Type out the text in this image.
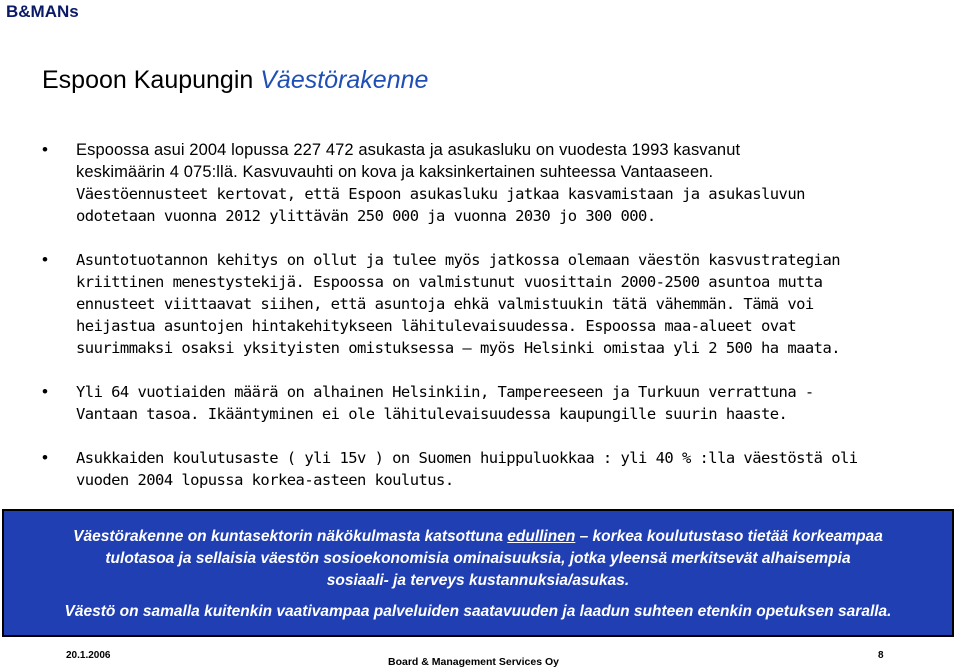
B&MANs
Espoon Kaupungin Väestörakenne
• Espoossa asui 2004 lopussa 227 472 asukasta ja asukasluku on vuodesta 1993 kasvanut

keskimäärin 4 075:llä. Kasvuvauhti on kova ja kaksinkertainen suhteessa Vantaaseen.

Väestöennusteet kertovat, että Espoon asukasluku jatkaa kasvamistaan ja asukasluvun

odotetaan vuonna 2012 ylittävän 250 000 ja vuonna 2030 jo 300 000.

• Asuntotuotannon kehitys on ollut ja tulee myös jatkossa olemaan väestön kasvustrategian

kriittinen menestystekijä. Espoossa on valmistunut vuosittain 2000-2500 asuntoa mutta

ennusteet viittaavat siihen, että asuntoja ehkä valmistuukin tätä vähemmän. Tämä voi

heijastua asuntojen hintakehitykseen lähitulevaisuudessa. Espoossa maa-alueet ovat

suurimmaksi osaksi yksityisten omistuksessa – myös Helsinki omistaa yli 2 500 ha maata.

• Yli 64 vuotiaiden määrä on alhainen Helsinkiin, Tampereeseen ja Turkuun verrattuna -

Vantaan tasoa. Ikääntyminen ei ole lähitulevaisuudessa kaupungille suurin haaste.

• Asukkaiden koulutusaste ( yli 15v ) on Suomen huippuluokkaa : yli 40 % :lla väestöstä oli

vuoden 2004 lopussa korkea-asteen koulutus.

Väestörakenne on kuntasektorin näkökulmasta katsottuna edullinen – korkea koulutustaso tietää korkeampaa

tulotasoa ja sellaisia väestön sosioekonomisia ominaisuuksia, jotka yleensä merkitsevät alhaisempia

sosiaali- ja terveys kustannuksia/asukas.

Väestö on samalla kuitenkin vaativampaa palveluiden saatavuuden ja laadun suhteen etenkin opetuksen saralla.

20.1.2006
Board & Management Services Oy
8
